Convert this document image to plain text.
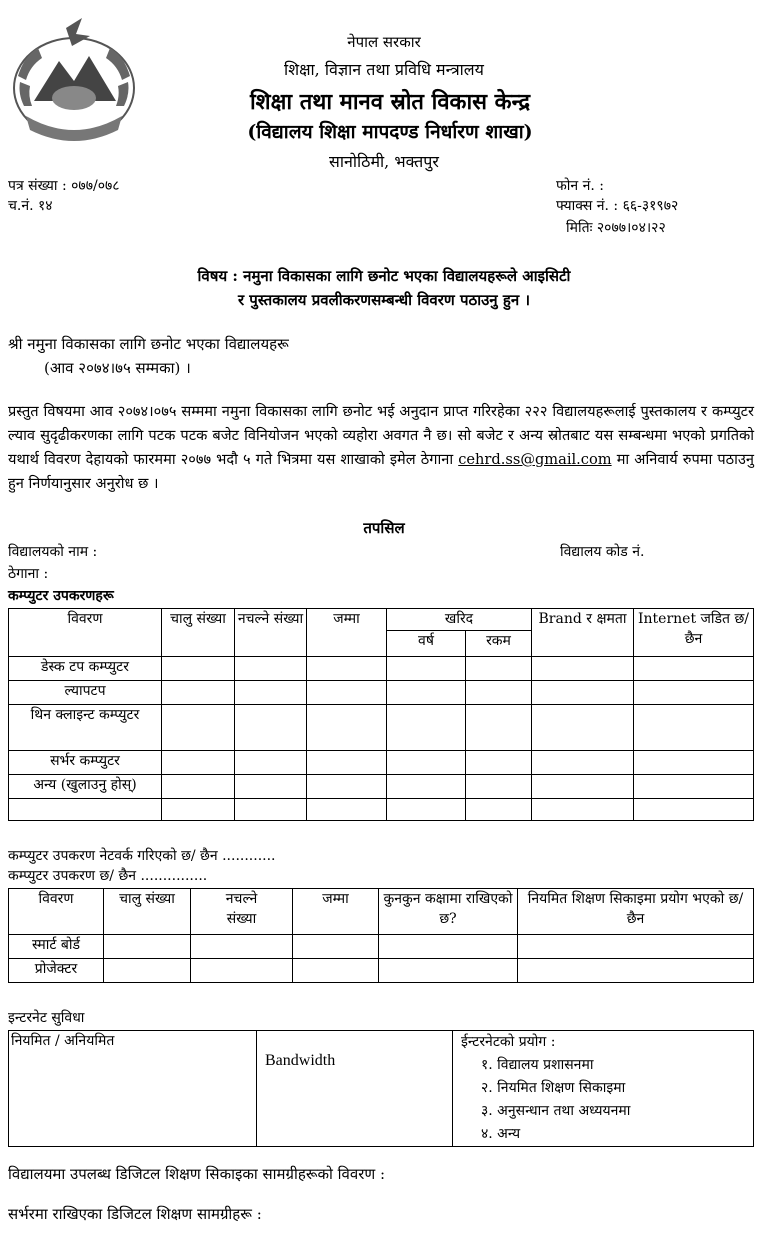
नेपाल सरकार
शिक्षा, विज्ञान तथा प्रविधि मन्त्रालय
शिक्षा तथा मानव स्रोत विकास केन्द्र
(विद्यालय शिक्षा मापदण्ड निर्धारण शाखा)
सानोठिमी, भक्तपुर
पत्र संख्या : ०७७/०७८
च.नं. १४
फोन नं. :
फ्याक्स नं. : ६६-३१९७२
मितिः २०७७।०४।२२
विषय : नमुना विकासका लागि छनोट भएका विद्यालयहरूले आइसिटी
र पुस्तकालय प्रवलीकरणसम्बन्धी विवरण पठाउनु हुन ।
श्री नमुना विकासका लागि छनोट भएका विद्यालयहरू
(आव २०७४।७५ सम्मका) ।
प्रस्तुत विषयमा आव २०७४।०७५ सम्ममा नमुना विकासका लागि छनोट भई अनुदान प्राप्त गरिरहेका २२२ विद्यालयहरूलाई पुस्तकालय र कम्प्युटर ल्याव सुदृढीकरणका लागि पटक पटक बजेट विनियोजन भएको व्यहोरा अवगत नै छ। सो बजेट र अन्य स्रोतबाट यस सम्बन्धमा भएको प्रगतिको यथार्थ विवरण देहायको फारममा २०७७ भदौ ५ गते भित्रमा यस शाखाको इमेल ठेगाना cehrd.ss@gmail.com मा अनिवार्य रुपमा पठाउनु हुन निर्णयानुसार अनुरोध छ ।
तपसिल
विद्यालयको नाम :	विद्यालय कोड नं.
ठेगाना :
कम्प्युटर उपकरणहरू
विवरण	चालु संख्या	नचल्ने संख्या	जम्मा	खरिद		Brand र क्षमता	Internet जडित छ/छैन
				वर्ष	रकम		
डेस्क टप कम्प्युटर							
ल्यापटप							
थिन क्लाइन्ट कम्प्युटर							
सर्भर कम्प्युटर							
अन्य (खुलाउनु होस्)							

कम्प्युटर उपकरण नेटवर्क गरिएको छ/ छैन ............
कम्प्युटर उपकरण छ/ छैन ...............
विवरण	चालु संख्या	नचल्ने संख्या	जम्मा	कुनकुन कक्षामा राखिएको छ?	नियमित शिक्षण सिकाइमा प्रयोग भएको छ/ छैन
स्मार्ट बोर्ड					
प्रोजेक्टर					
इन्टरनेट सुविधा
नियमित / अनियमित	Bandwidth	
ईन्टरनेटको प्रयोग :
१. विद्यालय प्रशासनमा
२. नियमित शिक्षण सिकाइमा
३. अनुसन्धान तथा अध्ययनमा
४. अन्य
विद्यालयमा उपलब्ध डिजिटल शिक्षण सिकाइका सामग्रीहरूको विवरण :
सर्भरमा राखिएका डिजिटल शिक्षण सामग्रीहरू :
